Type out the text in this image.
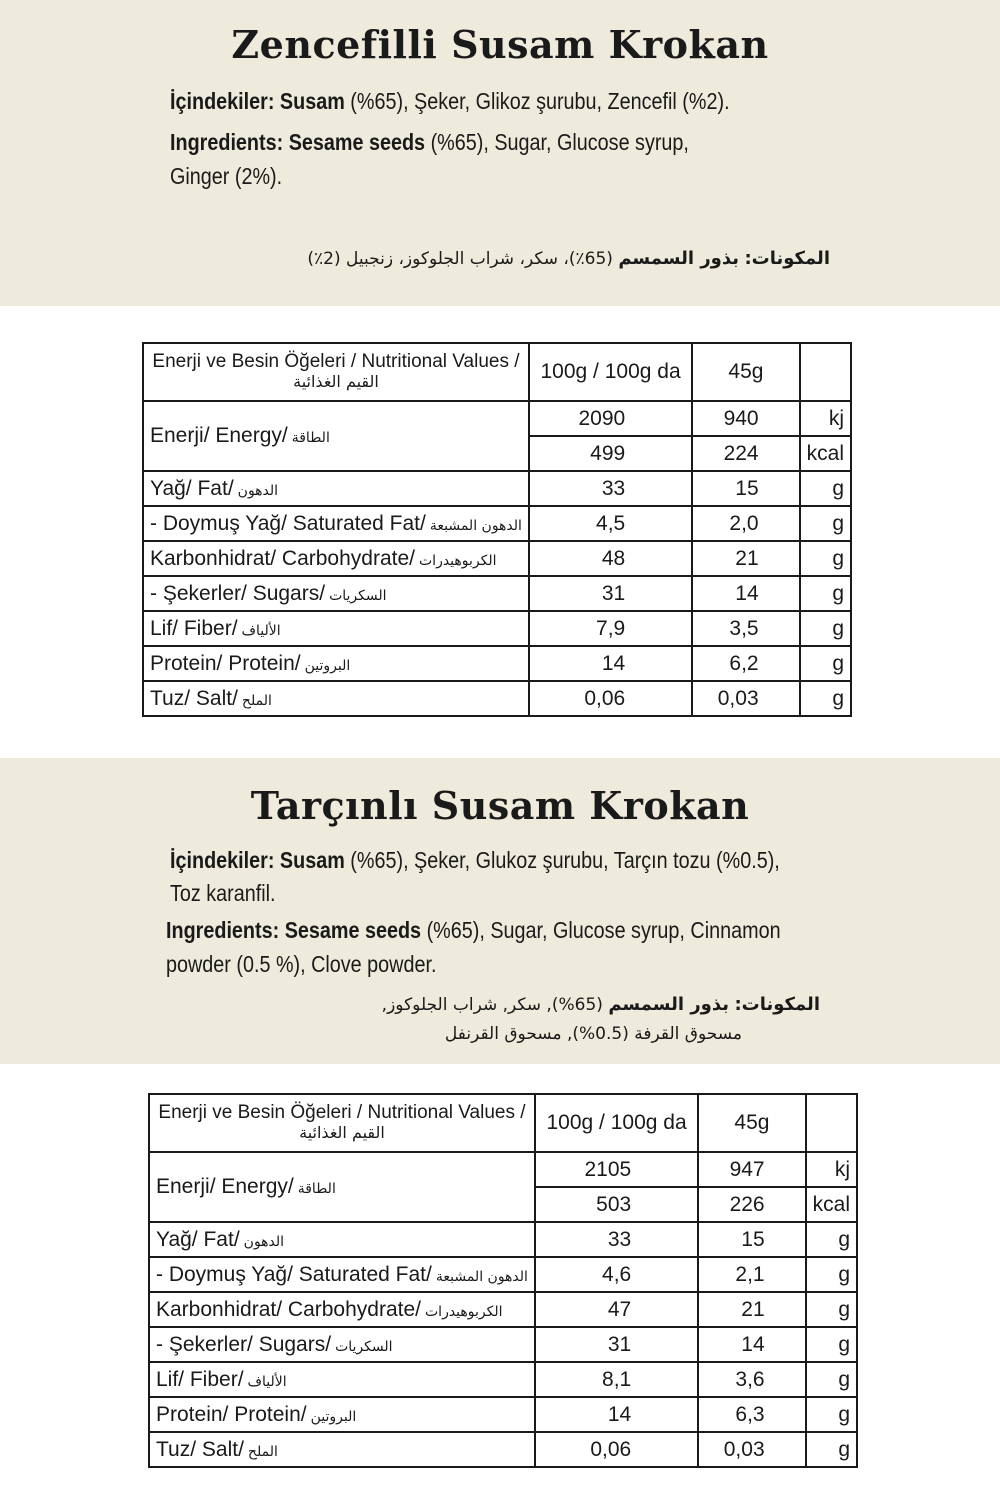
Zencefilli Susam Krokan
İçindekiler: Susam (%65), Şeker, Glikoz şurubu, Zencefil (%2).
Ingredients: Sesame seeds (%65), Sugar, Glucose syrup,
Ginger (2%).
المكونات: بذور السمسم (65٪)، سكر، شراب الجلوكوز، زنجبيل (2٪)
Enerji ve Besin Öğeleri / Nutritional Values /
القيم الغذائية	100g / 100g da	45g	
Enerji/ Energy/ الطاقة	2090	940	kj
	499	224	kcal
Yağ/ Fat/ الدهون	33	15	g
- Doymuş Yağ/ Saturated Fat/ الدهون المشبعة	4,5	2,0	g
Karbonhidrat/ Carbohydrate/ الكربوهيدرات	48	21	g
- Şekerler/ Sugars/ السكريات	31	14	g
Lif/ Fiber/ الألياف	7,9	3,5	g
Protein/ Protein/ البروتين	14	6,2	g
Tuz/ Salt/ الملح	0,06	0,03	g
Tarçınlı Susam Krokan
İçindekiler: Susam (%65), Şeker, Glukoz şurubu, Tarçın tozu (%0.5),
Toz karanfil.
Ingredients: Sesame seeds (%65), Sugar, Glucose syrup, Cinnamon
powder (0.5 %), Clove powder.
المكونات: بذور السمسم (65%), سكر, شراب الجلوكوز,
مسحوق القرفة (0.5%), مسحوق القرنفل
Enerji ve Besin Öğeleri / Nutritional Values /
القيم الغذائية	100g / 100g da	45g	
Enerji/ Energy/ الطاقة	2105	947	kj
	503	226	kcal
Yağ/ Fat/ الدهون	33	15	g
- Doymuş Yağ/ Saturated Fat/ الدهون المشبعة	4,6	2,1	g
Karbonhidrat/ Carbohydrate/ الكربوهيدرات	47	21	g
- Şekerler/ Sugars/ السكريات	31	14	g
Lif/ Fiber/ الألياف	8,1	3,6	g
Protein/ Protein/ البروتين	14	6,3	g
Tuz/ Salt/ الملح	0,06	0,03	g
